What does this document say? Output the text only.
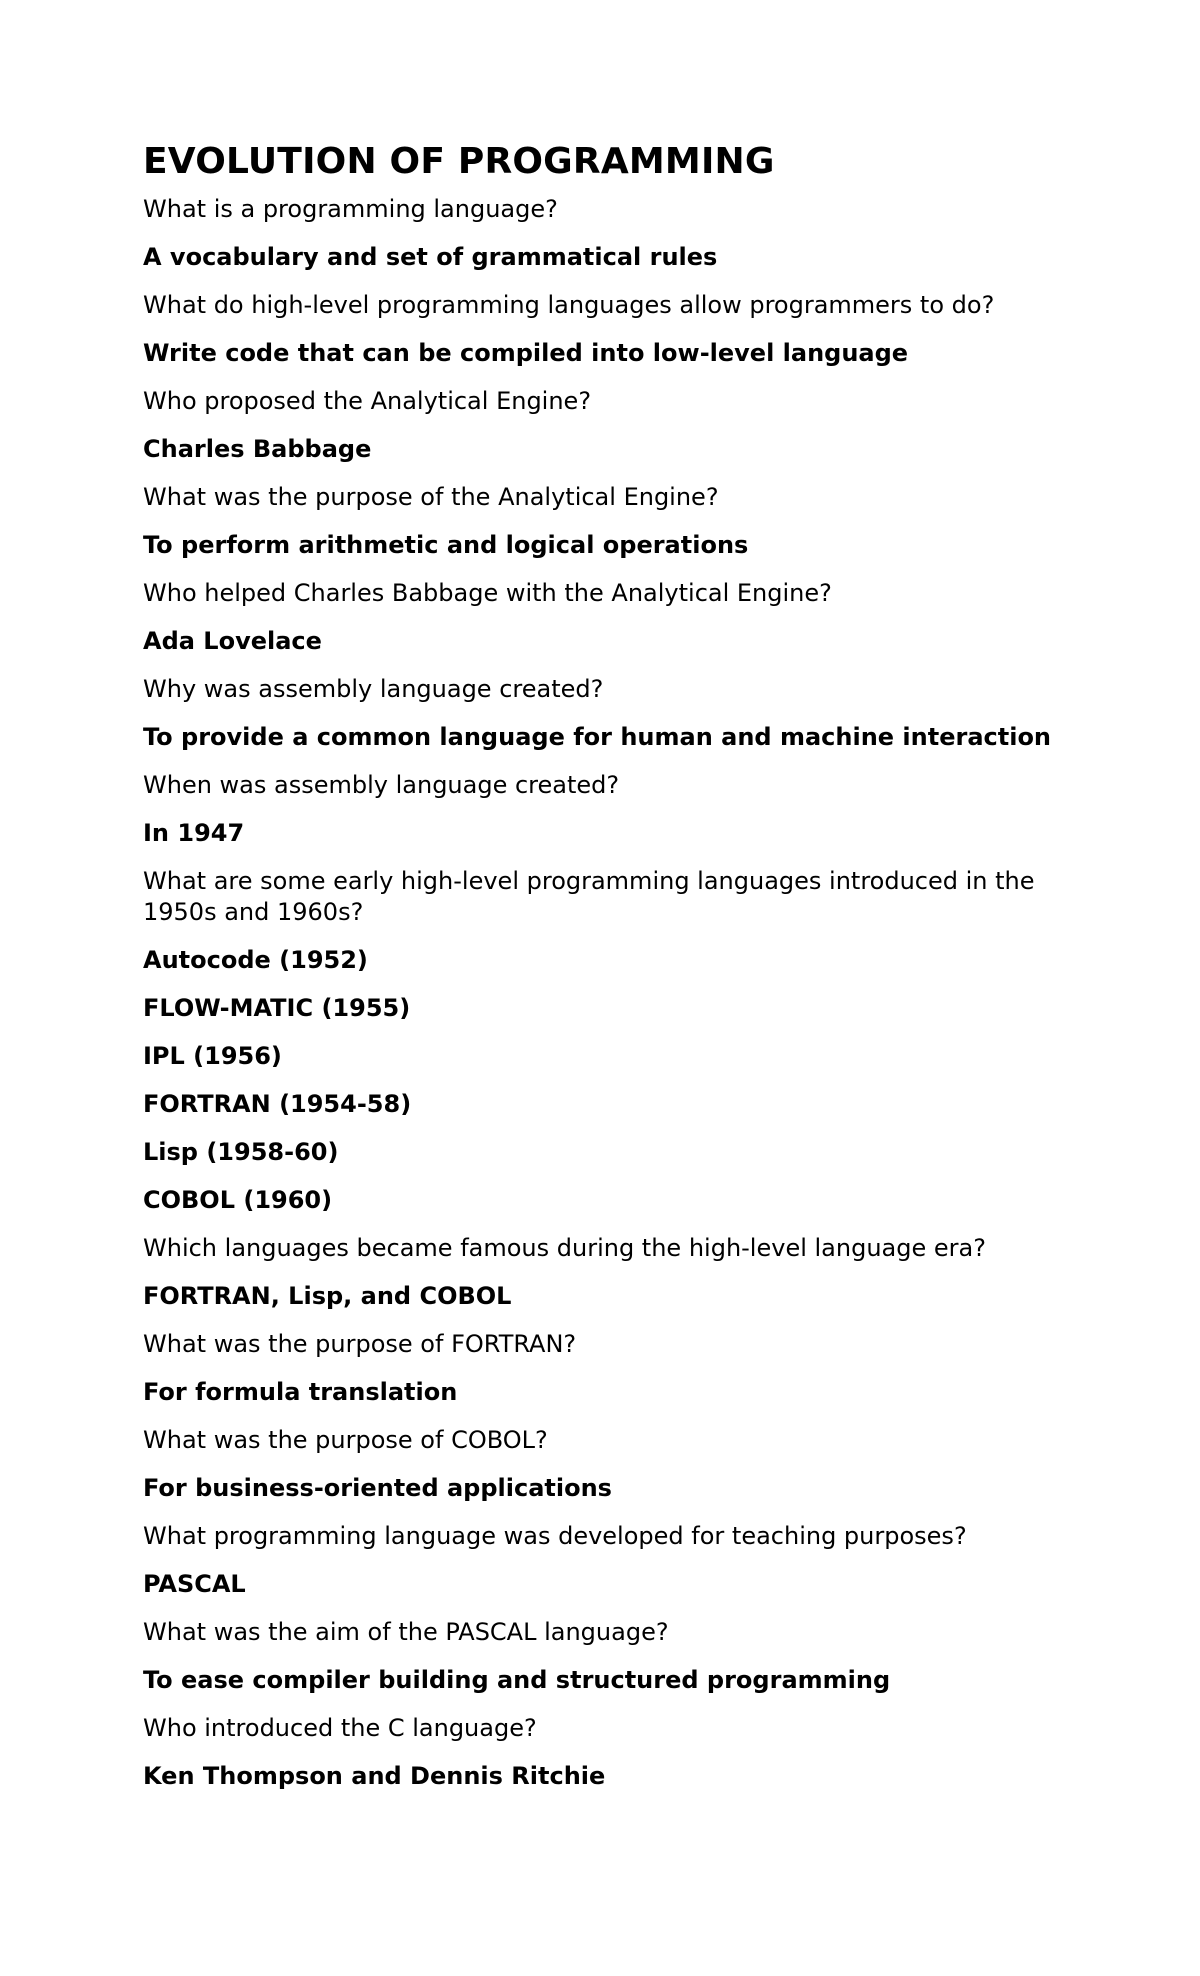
EVOLUTION OF PROGRAMMING

What is a programming language?

A vocabulary and set of grammatical rules

What do high-level programming languages allow programmers to do?

Write code that can be compiled into low-level language

Who proposed the Analytical Engine?

Charles Babbage

What was the purpose of the Analytical Engine?

To perform arithmetic and logical operations

Who helped Charles Babbage with the Analytical Engine?

Ada Lovelace

Why was assembly language created?

To provide a common language for human and machine interaction

When was assembly language created?

In 1947

What are some early high-level programming languages introduced in the 1950s and 1960s?

Autocode (1952)

FLOW-MATIC (1955)

IPL (1956)

FORTRAN (1954-58)

Lisp (1958-60)

COBOL (1960)

Which languages became famous during the high-level language era?

FORTRAN, Lisp, and COBOL

What was the purpose of FORTRAN?

For formula translation

What was the purpose of COBOL?

For business-oriented applications

What programming language was developed for teaching purposes?

PASCAL

What was the aim of the PASCAL language?

To ease compiler building and structured programming

Who introduced the C language?

Ken Thompson and Dennis Ritchie
